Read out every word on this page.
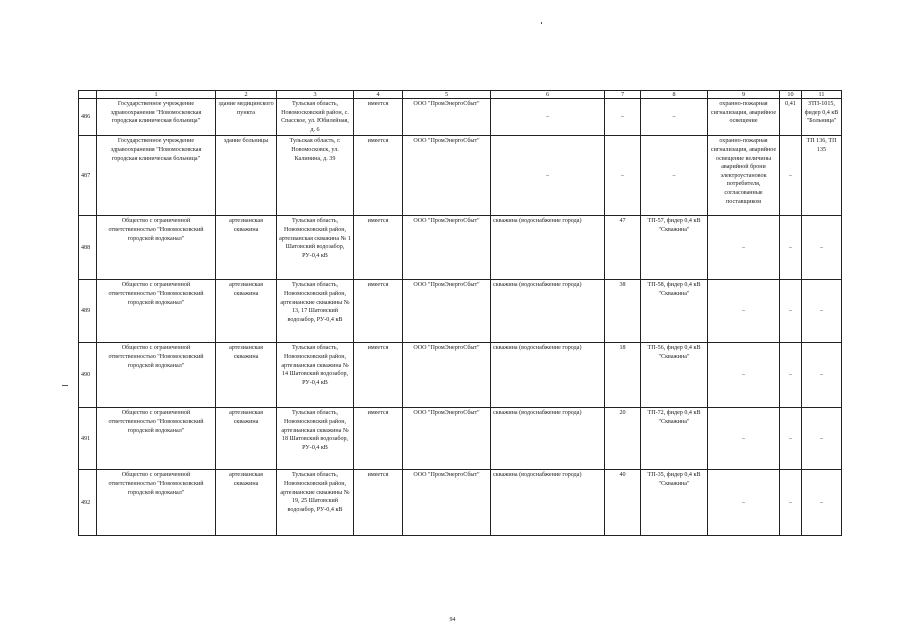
	1	2	3	4	5	6	7	8	9	10	11
486	Государственное учреждение здравоохранения "Новомосковская городская клиническая больница"	здание медицинского пункта	Тульская область, Новомосковский район, с. Спасское, ул. Юбилейная, д. 6	имеется	ООО "ПромЭнергоСбыт"	–	–	–	охранно-пожарная сигнализация, аварийное освещение	0,41	ЗТП-1015, фидер 0,4 кВ "Больница"
487	Государственное учреждение здравоохранения "Новомосковская городская клиническая больница"	здание больницы	Тульская область, г. Новомосковск, ул. Калинина, д. 39	имеется	ООО "ПромЭнергоСбыт"	–	–	–	охранно-пожарная сигнализация, аварийное освещение величины аварийной брони электроустановок потребителя, согласованные поставщиком	–	ТП 136, ТП 135
488	Общество с ограниченной ответственностью "Новомосковский городской водоканал"	артезианская скважина	Тульская область, Новомосковский район, артезианская скважина № 1 Шатовский водозабор, РУ-0,4 кВ	имеется	ООО "ПромЭнергоСбыт"	скважина (водоснабжение города)	47	ТП-57, фидер 0,4 кВ "Скважина"	–	–	–
489	Общество с ограниченной ответственностью "Новомосковский городской водоканал"	артезианская скважина	Тульская область, Новомосковский район, артезианские скважины № 13, 17 Шатовский водозабор, РУ-0,4 кВ	имеется	ООО "ПромЭнергоСбыт"	скважина (водоснабжение города)	38	ТП-58, фидер 0,4 кВ "Скважина"	–	–	–
490	Общество с ограниченной ответственностью "Новомосковский городской водоканал"	артезианская скважина	Тульская область, Новомосковский район, артезианская скважина № 14 Шатовский водозабор, РУ-0,4 кВ	имеется	ООО "ПромЭнергоСбыт"	скважина (водоснабжение города)	18	ТП-56, фидер 0,4 кВ "Скважина"	–	–	–
491	Общество с ограниченной ответственностью "Новомосковский городской водоканал"	артезианская скважина	Тульская область, Новомосковский район, артезианская скважина № 18 Шатовский водозабор, РУ-0,4 кВ	имеется	ООО "ПромЭнергоСбыт"	скважина (водоснабжение города)	20	ТП-72, фидер 0,4 кВ "Скважина"	–	–	–
492	Общество с ограниченной ответственностью "Новомосковский городской водоканал"	артезианская скважина	Тульская область, Новомосковский район, артезианские скважины № 19, 25 Шатовский водозабор, РУ-0,4 кВ	имеется	ООО "ПромЭнергоСбыт"	скважина (водоснабжение города)	40	ТП-35, фидер 0,4 кВ "Скважина"	–	–	–
94
